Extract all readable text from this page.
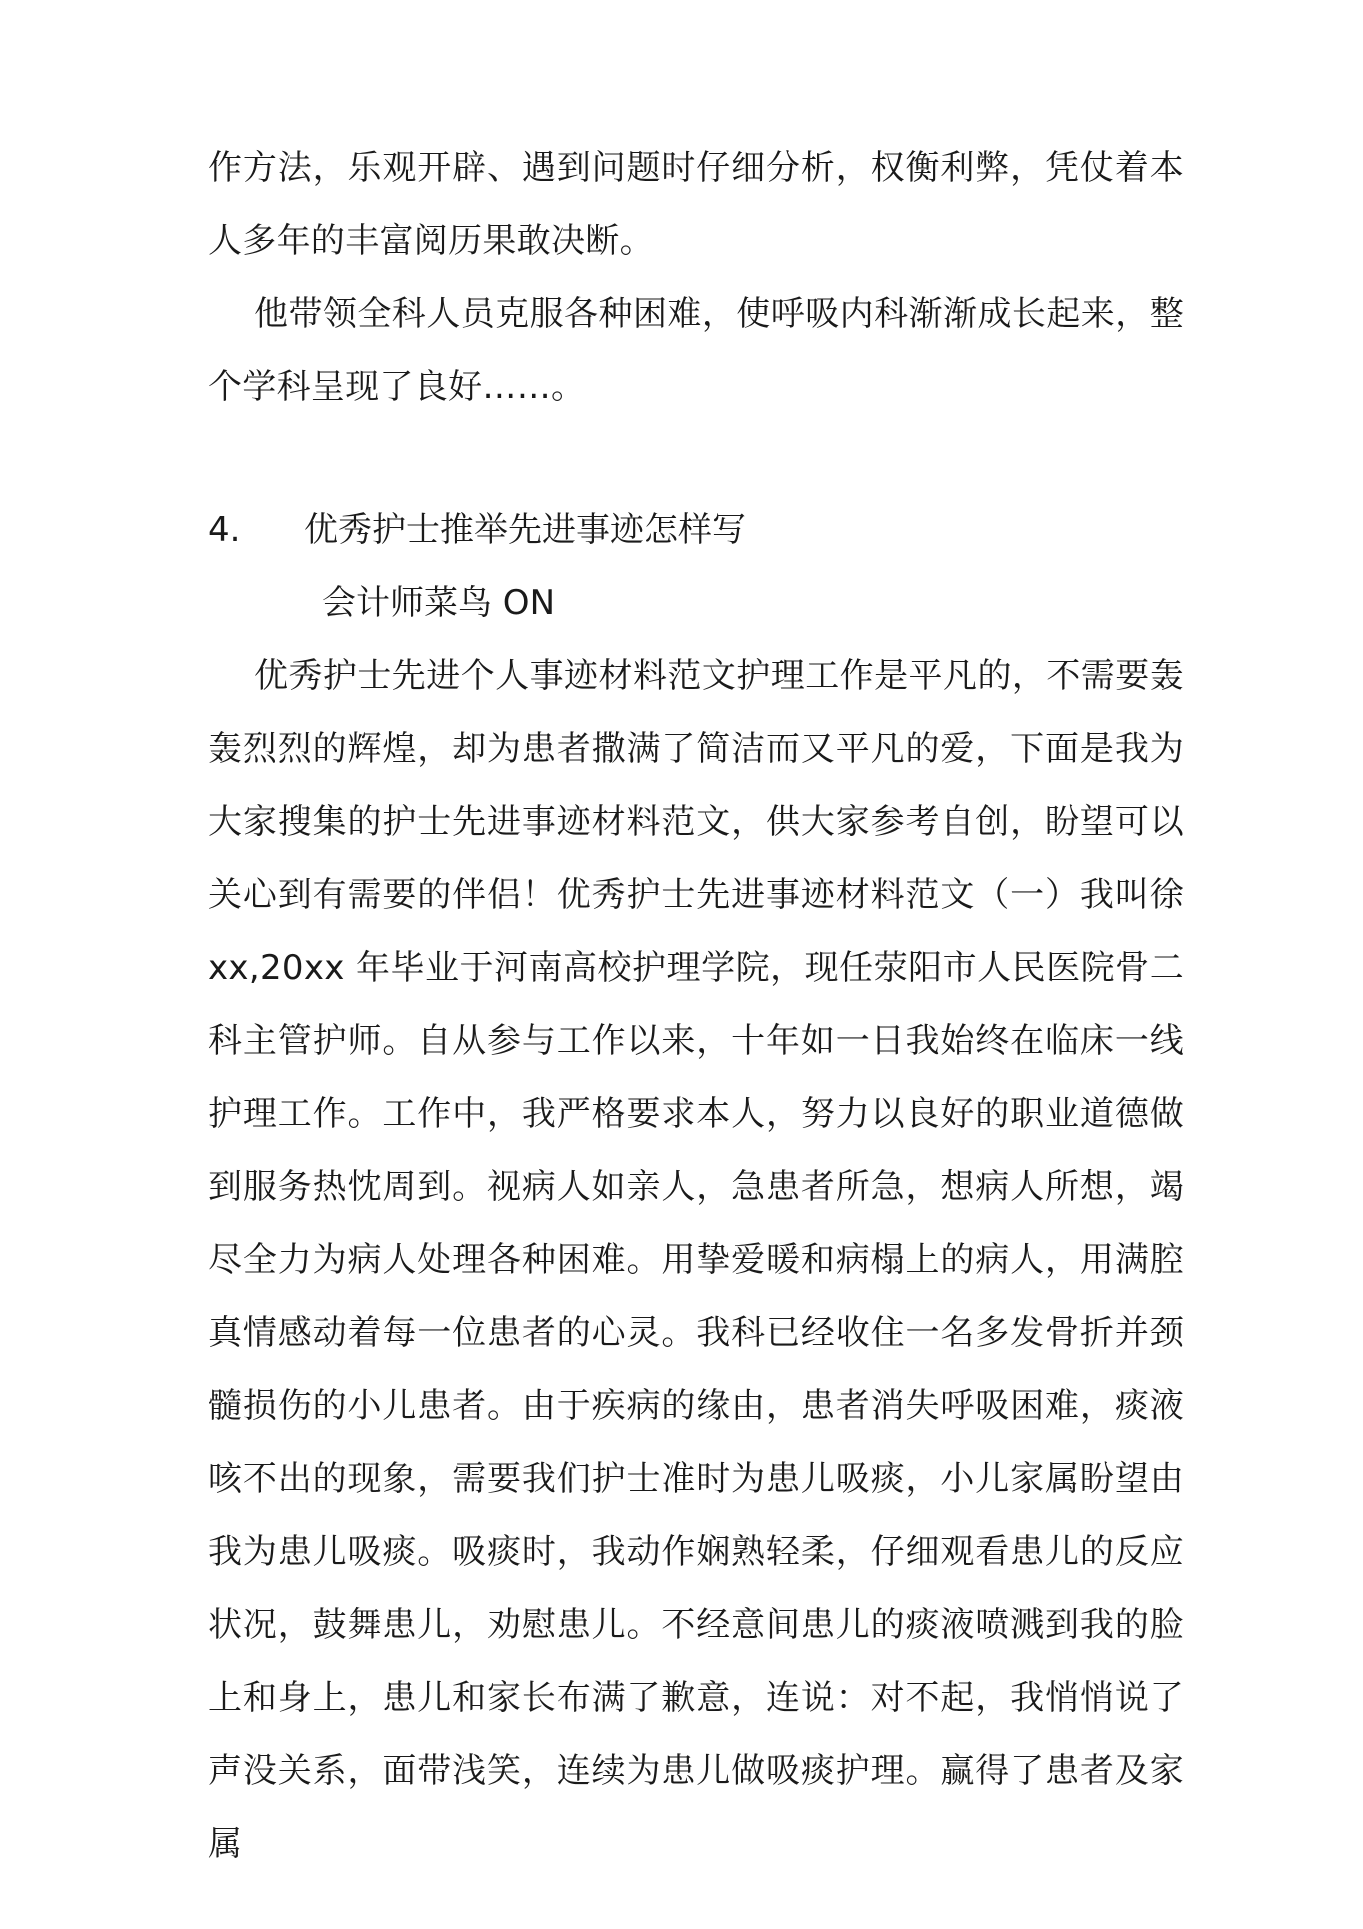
作方法，乐观开辟、遇到问题时仔细分析，权衡利弊，凭仗着本人多年的丰富阅历果敢决断。

他带领全科人员克服各种困难，使呼吸内科渐渐成长起来，整个学科呈现了良好……。

4. 优秀护士推举先进事迹怎样写
会计师菜鸟 ON

优秀护士先进个人事迹材料范文护理工作是平凡的，不需要轰轰烈烈的辉煌，却为患者撒满了简洁而又平凡的爱，下面是我为大家搜集的护士先进事迹材料范文，供大家参考自创，盼望可以关心到有需要的伴侣！优秀护士先进事迹材料范文（一）我叫徐 xx,20xx 年毕业于河南高校护理学院，现任荥阳市人民医院骨二科主管护师。自从参与工作以来，十年如一日我始终在临床一线护理工作。工作中，我严格要求本人，努力以良好的职业道德做到服务热忱周到。视病人如亲人，急患者所急，想病人所想，竭尽全力为病人处理各种困难。用挚爱暖和病榻上的病人，用满腔真情感动着每一位患者的心灵。我科已经收住一名多发骨折并颈髓损伤的小儿患者。由于疾病的缘由，患者消失呼吸困难，痰液咳不出的现象，需要我们护士准时为患儿吸痰，小儿家属盼望由我为患儿吸痰。吸痰时，我动作娴熟轻柔，仔细观看患儿的反应状况，鼓舞患儿，劝慰患儿。不经意间患儿的痰液喷溅到我的脸上和身上，患儿和家长布满了歉意，连说：对不起，我悄悄说了声没关系，面带浅笑，连续为患儿做吸痰护理。赢得了患者及家属
